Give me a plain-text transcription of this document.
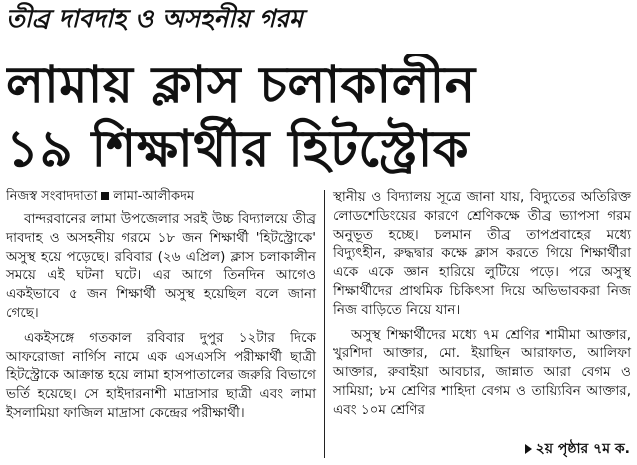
তীব্র দাবদাহ ও অসহনীয় গরম
লামায় ক্লাস চলাকালীন
১৯ শিক্ষার্থীর হিটস্ট্রোক
নিজস্ব সংবাদদাতা লামা-আলীকদম

বান্দরবানের লামা উপজেলার সরই উচ্চ বিদ্যালয়ে তীব্র দাবদাহ ও অসহনীয় গরমে ১৮ জন শিক্ষার্থী 'হিটস্ট্রোকে' অসুস্থ হয়ে পড়েছে। রবিবার (২৬ এপ্রিল) ক্লাস চলাকালীন সময়ে এই ঘটনা ঘটে। এর আগে তিনদিন আগেও একইভাবে ৫ জন শিক্ষার্থী অসুস্থ হয়েছিল বলে জানা গেছে।

একইসঙ্গে গতকাল রবিবার দুপুর ১২টার দিকে আফরোজা নার্গিস নামে এক এসএসসি পরীক্ষার্থী ছাত্রী হিটস্ট্রোকে আক্রান্ত হয়ে লামা হাসপাতালের জরুরি বিভাগে ভর্তি হয়েছে। সে হাইদারনাশী মাদ্রাসার ছাত্রী এবং লামা ইসলামিয়া ফাজিল মাদ্রাসা কেন্দ্রের পরীক্ষার্থী।

স্থানীয় ও বিদ্যালয় সূত্রে জানা যায়, বিদ্যুতের অতিরিক্ত লোডশেডিংয়ের কারণে শ্রেণিকক্ষে তীব্র ভ্যাপসা গরম অনুভূত হচ্ছে। চলমান তীব্র তাপপ্রবাহের মধ্যে বিদ্যুৎহীন, রুদ্ধদ্বার কক্ষে ক্লাস করতে গিয়ে শিক্ষার্থীরা একে একে জ্ঞান হারিয়ে লুটিয়ে পড়ে। পরে অসুস্থ শিক্ষার্থীদের প্রাথমিক চিকিৎসা দিয়ে অভিভাবকরা নিজ নিজ বাড়িতে নিয়ে যান।

অসুস্থ শিক্ষার্থীদের মধ্যে ৭ম শ্রেণির শামীমা আক্তার, খুরশিদা আক্তার, মো. ইয়াছিন আরাফাত, আলিফা আক্তার, রুবাইয়া আবচার, জান্নাত আরা বেগম ও সামিয়া; ৮ম শ্রেণির শাহিদা বেগম ও তায়্যিবিন আক্তার, এবং ১০ম শ্রেণির

২য় পৃষ্ঠার ৭ম ক.
